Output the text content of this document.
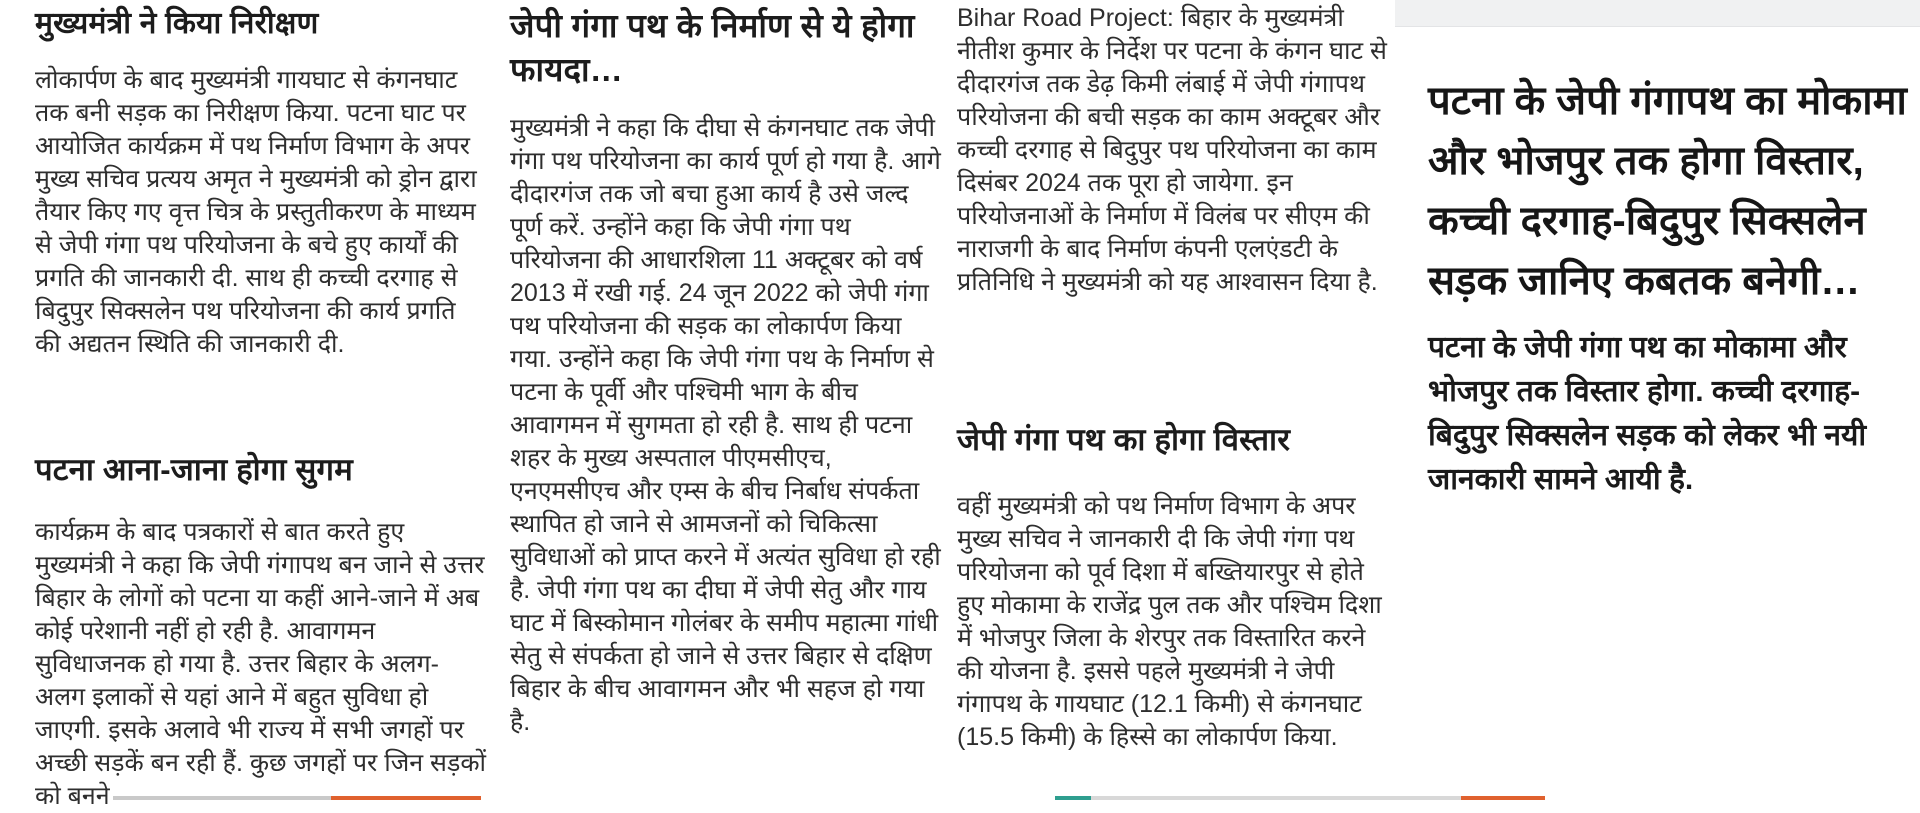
मुख्यमंत्री ने किया निरीक्षण

लोकार्पण के बाद मुख्यमंत्री गायघाट से कंगनघाट तक बनी सड़क का निरीक्षण किया. पटना घाट पर आयोजित कार्यक्रम में पथ निर्माण विभाग के अपर मुख्य सचिव प्रत्यय अमृत ने मुख्यमंत्री को ड्रोन द्वारा तैयार किए गए वृत्त चित्र के प्रस्तुतीकरण के माध्यम से जेपी गंगा पथ परियोजना के बचे हुए कार्यों की प्रगति की जानकारी दी. साथ ही कच्ची दरगाह से बिदुपुर सिक्सलेन पथ परियोजना की कार्य प्रगति की अद्यतन स्थिति की जानकारी दी.

पटना आना-जाना होगा सुगम

कार्यक्रम के बाद पत्रकारों से बात करते हुए मुख्यमंत्री ने कहा कि जेपी गंगापथ बन जाने से उत्तर बिहार के लोगों को पटना या कहीं आने-जाने में अब कोई परेशानी नहीं हो रही है. आवागमन सुविधाजनक हो गया है. उत्तर बिहार के अलग-अलग इलाकों से यहां आने में बहुत सुविधा हो जाएगी. इसके अलावे भी राज्य में सभी जगहों पर अच्छी सड़कें बन रही हैं. कुछ जगहों पर जिन सड़कों को बनने

जेपी गंगा पथ के निर्माण से ये होगा फायदा…

मुख्यमंत्री ने कहा कि दीघा से कंगनघाट तक जेपी गंगा पथ परियोजना का कार्य पूर्ण हो गया है. आगे दीदारगंज तक जो बचा हुआ कार्य है उसे जल्द पूर्ण करें. उन्होंने कहा कि जेपी गंगा पथ परियोजना की आधारशिला 11 अक्टूबर को वर्ष 2013 में रखी गई. 24 जून 2022 को जेपी गंगा पथ परियोजना की सड़क का लोकार्पण किया गया. उन्होंने कहा कि जेपी गंगा पथ के निर्माण से पटना के पूर्वी और पश्चिमी भाग के बीच आवागमन में सुगमता हो रही है. साथ ही पटना शहर के मुख्य अस्पताल पीएमसीएच, एनएमसीएच और एम्स के बीच निर्बाध संपर्कता स्थापित हो जाने से आमजनों को चिकित्सा सुविधाओं को प्राप्त करने में अत्यंत सुविधा हो रही है. जेपी गंगा पथ का दीघा में जेपी सेतु और गाय घाट में बिस्कोमान गोलंबर के समीप महात्मा गांधी सेतु से संपर्कता हो जाने से उत्तर बिहार से दक्षिण बिहार के बीच आवागमन और भी सहज हो गया है.

Bihar Road Project: बिहार के मुख्यमंत्री नीतीश कुमार के निर्देश पर पटना के कंगन घाट से दीदारगंज तक डेढ़ किमी लंबाई में जेपी गंगापथ परियोजना की बची सड़क का काम अक्टूबर और कच्ची दरगाह से बिदुपुर पथ परियोजना का काम दिसंबर 2024 तक पूरा हो जायेगा. इन परियोजनाओं के निर्माण में विलंब पर सीएम की नाराजगी के बाद निर्माण कंपनी एलएंडटी के प्रतिनिधि ने मुख्यमंत्री को यह आश्वासन दिया है.

जेपी गंगा पथ का होगा विस्तार

वहीं मुख्यमंत्री को पथ निर्माण विभाग के अपर मुख्य सचिव ने जानकारी दी कि जेपी गंगा पथ परियोजना को पूर्व दिशा में बख्तियारपुर से होते हुए मोकामा के राजेंद्र पुल तक और पश्चिम दिशा में भोजपुर जिला के शेरपुर तक विस्तारित करने की योजना है. इससे पहले मुख्यमंत्री ने जेपी गंगापथ के गायघाट (12.1 किमी) से कंगनघाट (15.5 किमी) के हिस्से का लोकार्पण किया.

पटना के जेपी गंगापथ का मोकामा और भोजपुर तक होगा विस्तार, कच्ची दरगाह-बिदुपुर सिक्सलेन सड़क जानिए कबतक बनेगी…

पटना के जेपी गंगा पथ का मोकामा और भोजपुर तक विस्तार होगा. कच्ची दरगाह-बिदुपुर सिक्सलेन सड़क को लेकर भी नयी जानकारी सामने आयी है.
